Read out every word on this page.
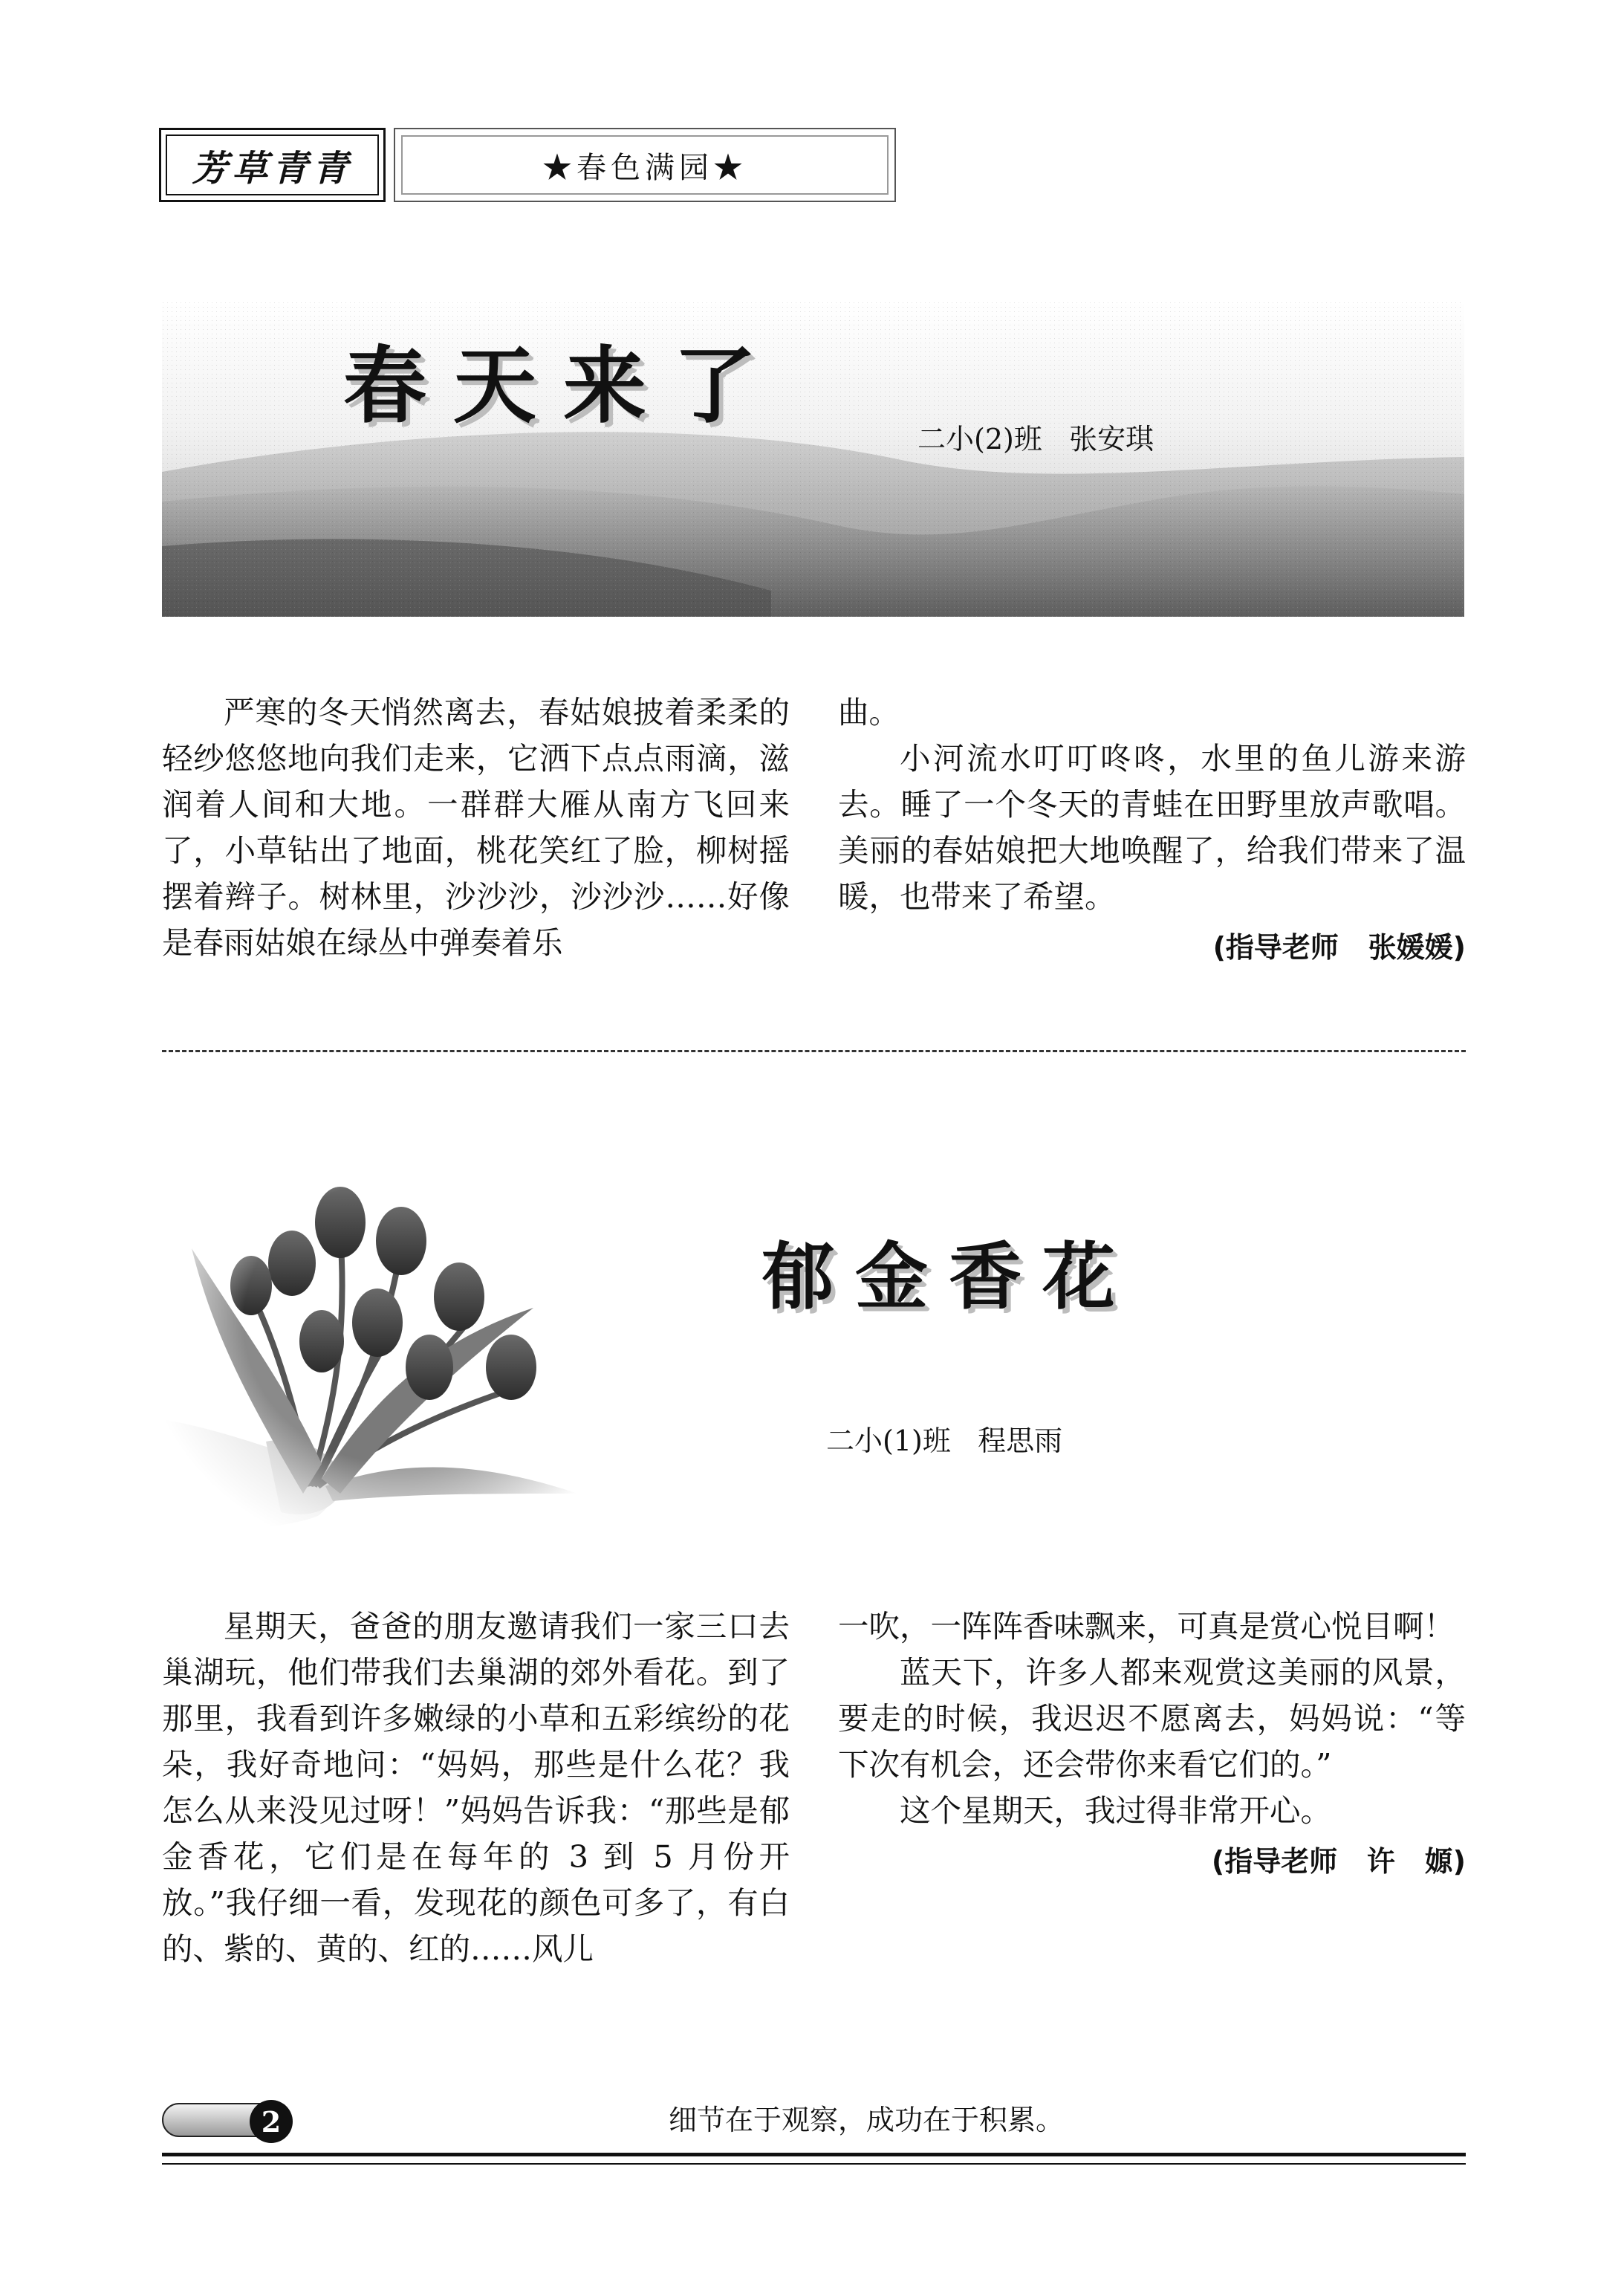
芳草青青	★春色满园★
春天来了
二小(2)班   张安琪

严寒的冬天悄然离去，春姑娘披着柔柔的轻纱悠悠地向我们走来，它洒下点点雨滴，滋润着人间和大地。一群群大雁从南方飞回来了，小草钻出了地面，桃花笑红了脸，柳树摇摆着辫子。树林里，沙沙沙，沙沙沙……好像是春雨姑娘在绿丛中弹奏着乐

曲。

小河流水叮叮咚咚，水里的鱼儿游来游去。睡了一个冬天的青蛙在田野里放声歌唱。美丽的春姑娘把大地唤醒了，给我们带来了温暖，也带来了希望。

(指导老师   张媛媛)
郁金香花
二小(1)班   程思雨

星期天，爸爸的朋友邀请我们一家三口去巢湖玩，他们带我们去巢湖的郊外看花。到了那里，我看到许多嫩绿的小草和五彩缤纷的花朵，我好奇地问：“妈妈，那些是什么花？我怎么从来没见过呀！”妈妈告诉我：“那些是郁金香花，它们是在每年的 3 到 5 月份开放。”我仔细一看，发现花的颜色可多了，有白的、紫的、黄的、红的……风儿

一吹，一阵阵香味飘来，可真是赏心悦目啊！

蓝天下，许多人都来观赏这美丽的风景，要走的时候，我迟迟不愿离去，妈妈说：“等下次有机会，还会带你来看它们的。”

这个星期天，我过得非常开心。

(指导老师   许   嫄)
2	细节在于观察，成功在于积累。
